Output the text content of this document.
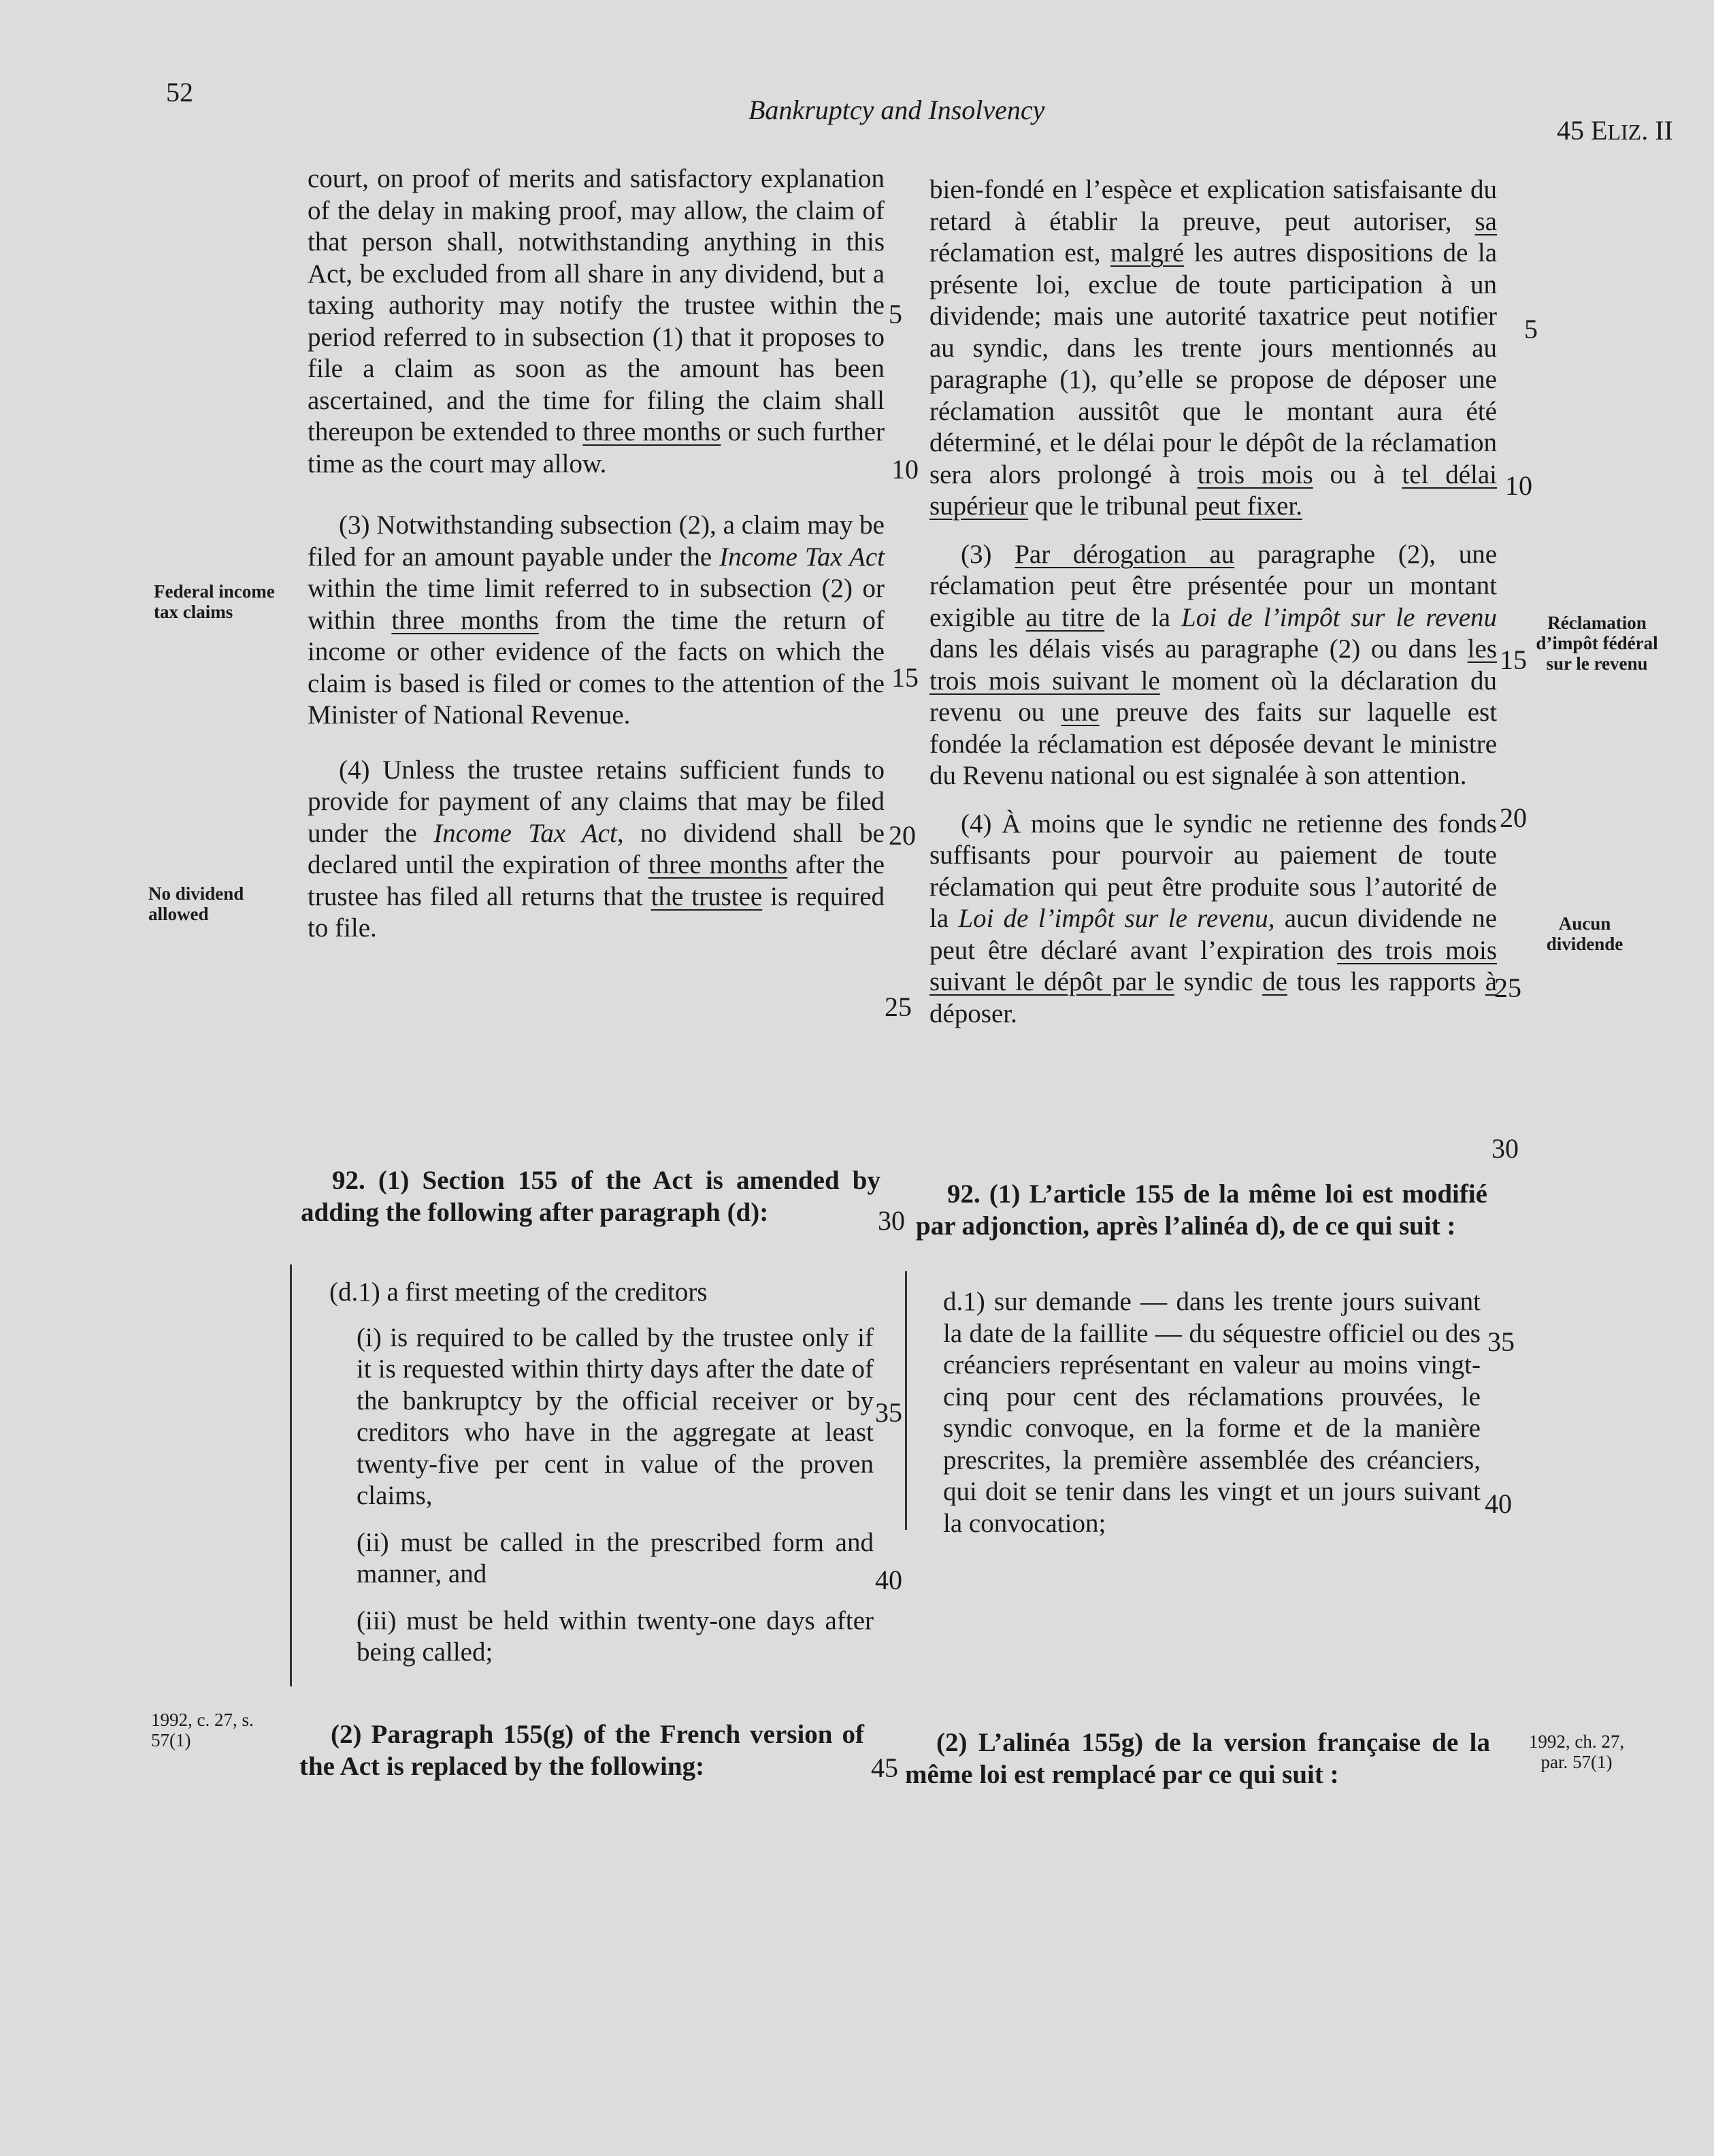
52
Bankruptcy and Insolvency
45 ELIZ. II
Federal income
tax claims
No dividend
allowed
1992, c. 27, s.
57(1)
Réclamation
d’impôt fédéral
sur le revenu
Aucun
dividende
1992, ch. 27,
par. 57(1)

court, on proof of merits and satisfactory explanation of the delay in making proof, may allow, the claim of that person shall, notwithstanding anything in this Act, be excluded from all share in any dividend, but a taxing authority may notify the trustee within the period referred to in subsection (1) that it proposes to file a claim as soon as the amount has been ascertained, and the time for filing the claim shall thereupon be extended to three months or such further time as the court may allow.

(3) Notwithstanding subsection (2), a claim may be filed for an amount payable under the Income Tax Act within the time limit referred to in subsection (2) or within three months from the time the return of income or other evidence of the facts on which the claim is based is filed or comes to the attention of the Minister of National Revenue.

(4) Unless the trustee retains sufficient funds to provide for payment of any claims that may be filed under the Income Tax Act, no dividend shall be declared until the expiration of three months after the trustee has filed all returns that the trustee is required to file.

92. (1) Section 155 of the Act is amended by adding the following after paragraph (d):

(d.1) a first meeting of the creditors

(i) is required to be called by the trustee only if it is requested within thirty days after the date of the bankruptcy by the official receiver or by creditors who have in the aggregate at least twenty-five per cent in value of the proven claims,

(ii) must be called in the prescribed form and manner, and

(iii) must be held within twenty-one days after being called;

(2) Paragraph 155(g) of the French version of the Act is replaced by the following:

bien-fondé en l’espèce et explication satisfaisante du retard à établir la preuve, peut autoriser, sa réclamation est, malgré les autres dispositions de la présente loi, exclue de toute participation à un dividende; mais une autorité taxatrice peut notifier au syndic, dans les trente jours mentionnés au paragraphe (1), qu’elle se propose de déposer une réclamation aussitôt que le montant aura été déterminé, et le délai pour le dépôt de la réclamation sera alors prolongé à trois mois ou à tel délai supérieur que le tribunal peut fixer.

(3) Par dérogation au paragraphe (2), une réclamation peut être présentée pour un montant exigible au titre de la Loi de l’impôt sur le revenu dans les délais visés au paragraphe (2) ou dans les trois mois suivant le moment où la déclaration du revenu ou une preuve des faits sur laquelle est fondée la réclamation est déposée devant le ministre du Revenu national ou est signalée à son attention.

(4) À moins que le syndic ne retienne des fonds suffisants pour pourvoir au paiement de toute réclamation qui peut être produite sous l’autorité de la Loi de l’impôt sur le revenu, aucun dividende ne peut être déclaré avant l’expiration des trois mois suivant le dépôt par le syndic de tous les rapports à déposer.

92. (1) L’article 155 de la même loi est modifié par adjonction, après l’alinéa d), de ce qui suit :

d.1) sur demande — dans les trente jours suivant la date de la faillite — du séquestre officiel ou des créanciers représentant en valeur au moins vingt-cinq pour cent des réclamations prouvées, le syndic convoque, en la forme et de la manière prescrites, la première assemblée des créanciers, qui doit se tenir dans les vingt et un jours suivant la convocation;

(2) L’alinéa 155g) de la version française de la même loi est remplacé par ce qui suit :

5
10
15
20
25
30
35
40
45
5
10
15
20
25
30
35
40
